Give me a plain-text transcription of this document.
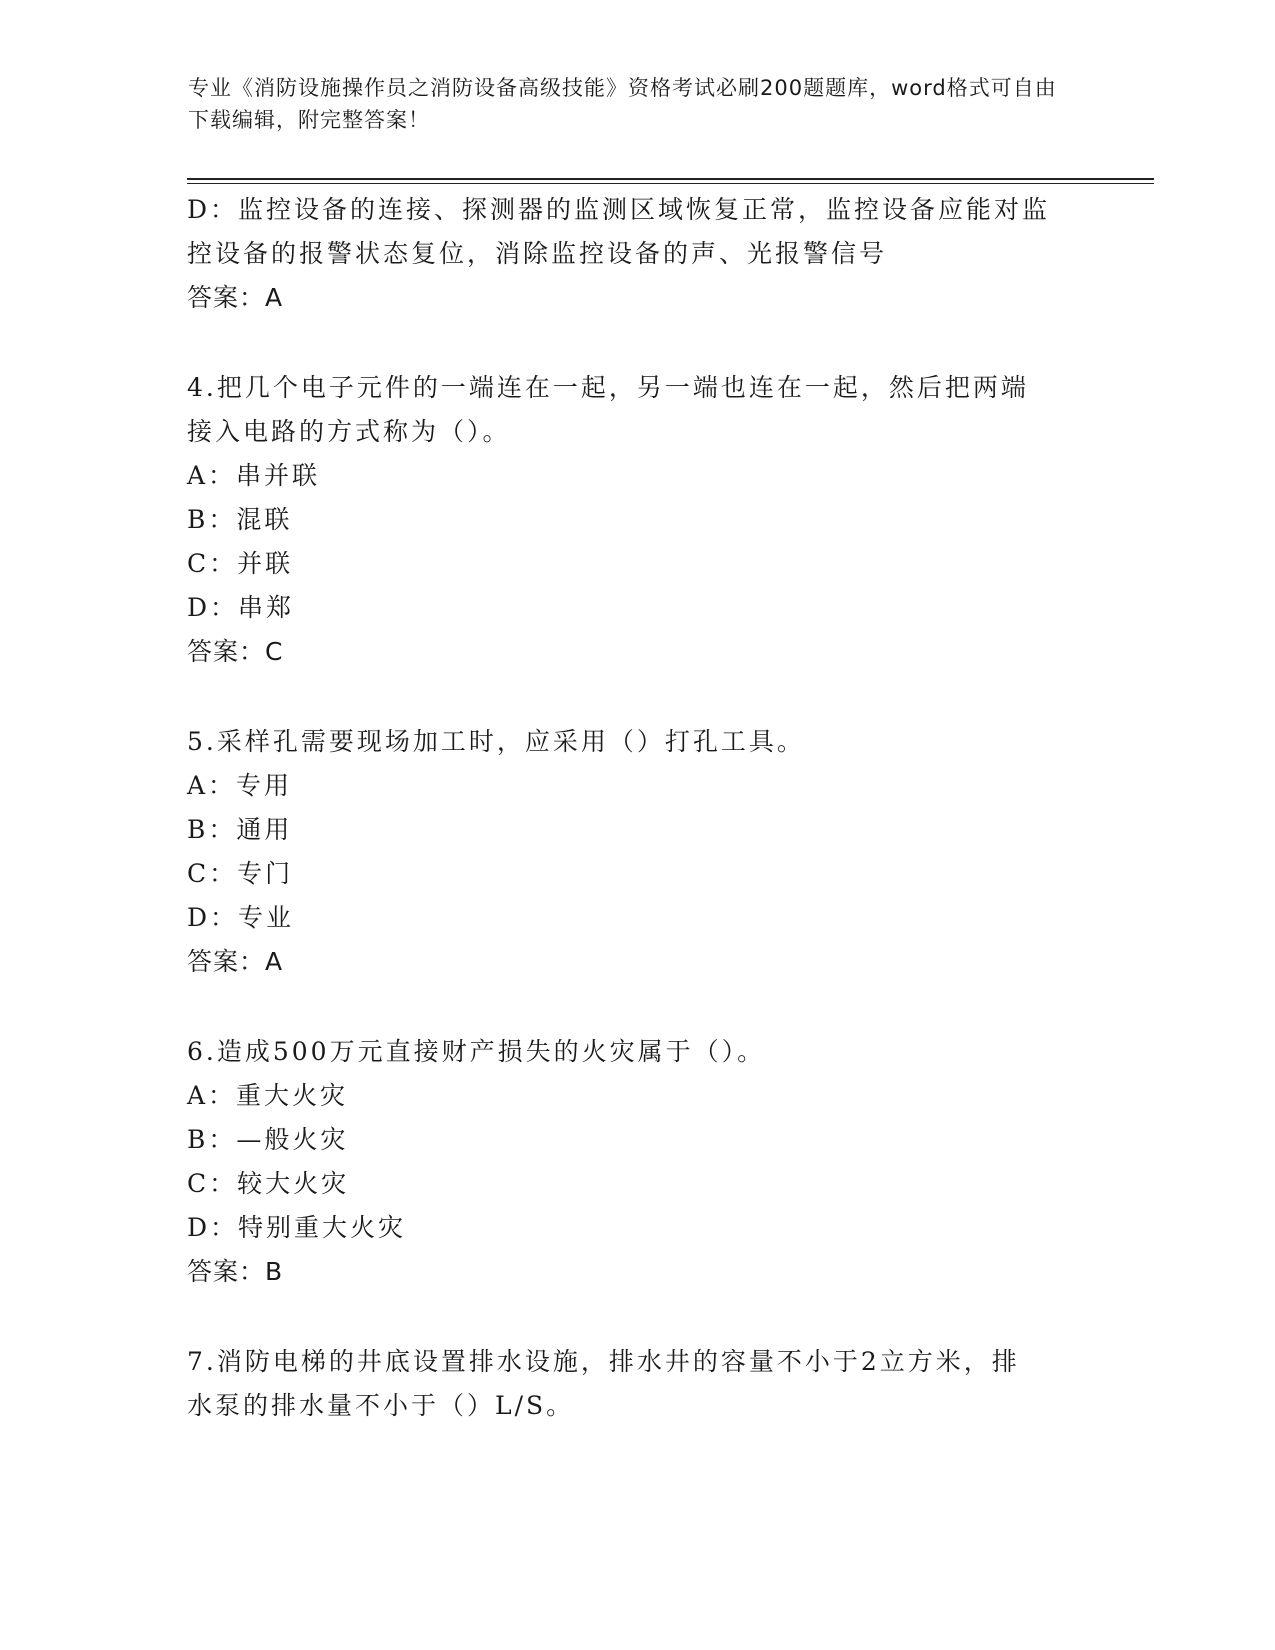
专业《消防设施操作员之消防设备高级技能》资格考试必刷200题题库，word格式可自由下载编辑，附完整答案！
D：监控设备的连接、探测器的监测区域恢复正常，监控设备应能对监
控设备的报警状态复位，消除监控设备的声、光报警信号
答案：A
4.把几个电子元件的一端连在一起，另一端也连在一起，然后把两端
接入电路的方式称为（）。
A：串并联
B：混联
C：并联
D：串郑
答案：C
5.采样孔需要现场加工时，应采用（）打孔工具。
A：专用
B：通用
C：专门
D：专业
答案：A
6.造成500万元直接财产损失的火灾属于（）。
A：重大火灾
B：—般火灾
C：较大火灾
D：特别重大火灾
答案：B
7.消防电梯的井底设置排水设施，排水井的容量不小于2立方米，排
水泵的排水量不小于（）L/S。
